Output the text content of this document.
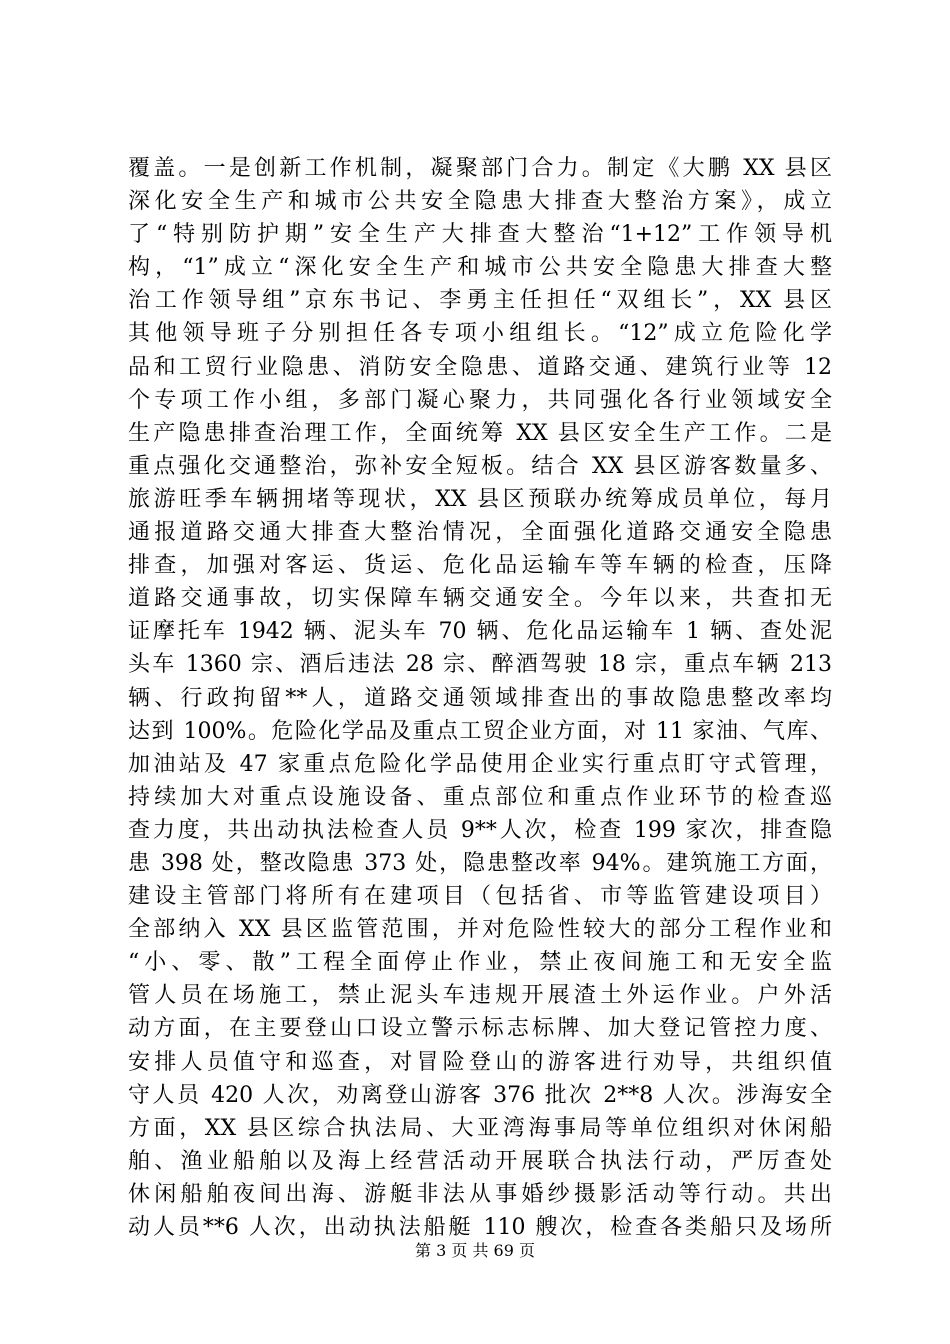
覆盖。一是创新工作机制，凝聚部门合力。制定《大鹏 XX 县区
深化安全生产和城市公共安全隐患大排查大整治方案》，成立
了“特别防护期”安全生产大排查大整治“1+12”工作领导机
构，“1”成立“深化安全生产和城市公共安全隐患大排查大整
治工作领导组”京东书记、李勇主任担任“双组长”，XX 县区
其他领导班子分别担任各专项小组组长。“12”成立危险化学
品和工贸行业隐患、消防安全隐患、道路交通、建筑行业等 12
个专项工作小组，多部门凝心聚力，共同强化各行业领域安全
生产隐患排查治理工作，全面统筹 XX 县区安全生产工作。二是
重点强化交通整治，弥补安全短板。结合 XX 县区游客数量多、
旅游旺季车辆拥堵等现状，XX 县区预联办统筹成员单位，每月
通报道路交通大排查大整治情况，全面强化道路交通安全隐患
排查，加强对客运、货运、危化品运输车等车辆的检查，压降
道路交通事故，切实保障车辆交通安全。今年以来，共查扣无
证摩托车 1942 辆、泥头车 70 辆、危化品运输车 1 辆、查处泥
头车 1360 宗、酒后违法 28 宗、醉酒驾驶 18 宗，重点车辆 213
辆、行政拘留**人，道路交通领域排查出的事故隐患整改率均
达到 100%。危险化学品及重点工贸企业方面，对 11 家油、气库、
加油站及 47 家重点危险化学品使用企业实行重点盯守式管理，
持续加大对重点设施设备、重点部位和重点作业环节的检查巡
查力度，共出动执法检查人员 9**人次，检查 199 家次，排查隐
患 398 处，整改隐患 373 处，隐患整改率 94%。建筑施工方面，
建设主管部门将所有在建项目（包括省、市等监管建设项目）
全部纳入 XX 县区监管范围，并对危险性较大的部分工程作业和
“小、零、散”工程全面停止作业，禁止夜间施工和无安全监
管人员在场施工，禁止泥头车违规开展渣土外运作业。户外活
动方面，在主要登山口设立警示标志标牌、加大登记管控力度、
安排人员值守和巡查，对冒险登山的游客进行劝导，共组织值
守人员 420 人次，劝离登山游客 376 批次 2**8 人次。涉海安全
方面，XX 县区综合执法局、大亚湾海事局等单位组织对休闲船
舶、渔业船舶以及海上经营活动开展联合执法行动，严厉查处
休闲船舶夜间出海、游艇非法从事婚纱摄影活动等行动。共出
动人员**6 人次，出动执法船艇 110 艘次，检查各类船只及场所
第 3 页 共 69 页
